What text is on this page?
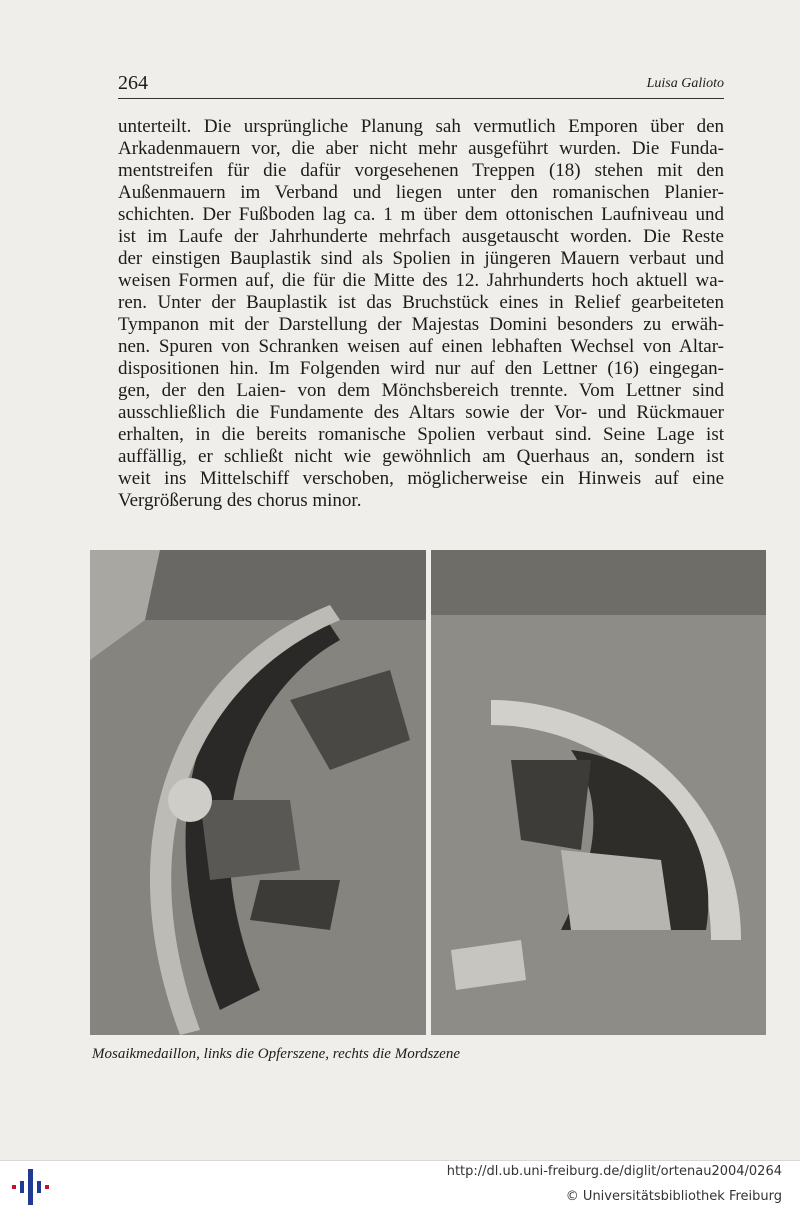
264	Luisa Galioto
unterteilt. Die ursprüngliche Planung sah vermutlich Emporen über den
Arkadenmauern vor, die aber nicht mehr ausgeführt wurden. Die Funda-
mentstreifen für die dafür vorgesehenen Treppen (18) stehen mit den
Außenmauern im Verband und liegen unter den romanischen Planier-
schichten. Der Fußboden lag ca. 1 m über dem ottonischen Laufniveau und
ist im Laufe der Jahrhunderte mehrfach ausgetauscht worden. Die Reste
der einstigen Bauplastik sind als Spolien in jüngeren Mauern verbaut und
weisen Formen auf, die für die Mitte des 12. Jahrhunderts hoch aktuell wa-
ren. Unter der Bauplastik ist das Bruchstück eines in Relief gearbeiteten
Tympanon mit der Darstellung der Majestas Domini besonders zu erwäh-
nen. Spuren von Schranken weisen auf einen lebhaften Wechsel von Altar-
dispositionen hin. Im Folgenden wird nur auf den Lettner (16) eingegan-
gen, der den Laien- von dem Mönchsbereich trennte. Vom Lettner sind
ausschließlich die Fundamente des Altars sowie der Vor- und Rückmauer
erhalten, in die bereits romanische Spolien verbaut sind. Seine Lage ist
auffällig, er schließt nicht wie gewöhnlich am Querhaus an, sondern ist
weit ins Mittelschiff verschoben, möglicherweise ein Hinweis auf eine
Vergrößerung des chorus minor.
Mosaikmedaillon, links die Opferszene, rechts die Mordszene
http://dl.ub.uni-freiburg.de/diglit/ortenau2004/0264
© Universitätsbibliothek Freiburg
